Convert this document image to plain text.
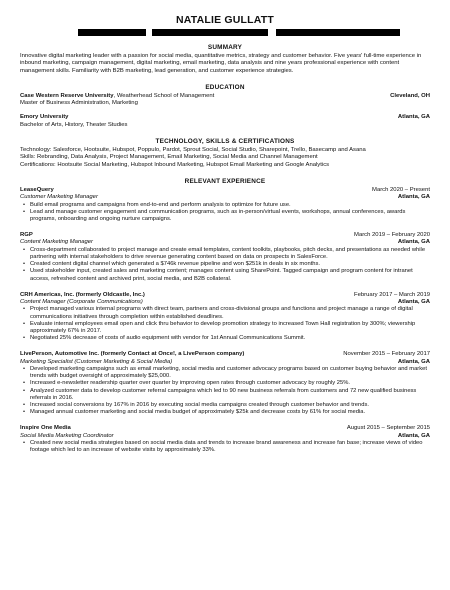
NATALIE GULLATT
SUMMARY
Innovative digital marketing leader with a passion for social media, quantitative metrics, strategy and customer behavior. Five years' full-time experience in inbound marketing, campaign management, digital marketing, email marketing, data analysis and nine years professional experience with content management skills. Familiarity with B2B marketing, lead generation, and customer experience strategies.
EDUCATION
Case Western Reserve University, Weatherhead School of Management	Cleveland, OH
Master of Business Administration, Marketing
Emory University	Atlanta, GA
Bachelor of Arts, History, Theater Studies
TECHNOLOGY, SKILLS & CERTIFICATIONS
Technology: Salesforce, Hootsuite, Hubspot, Poppulo, Pardot, Sprout Social, Social Studio, Sharepoint, Trello, Basecamp and Asana
Skills: Rebranding, Data Analysis, Project Management, Email Marketing, Social Media and Channel Management
Certifications: Hootsuite Social Marketing, Hubspot Inbound Marketing, Hubspot Email Marketing and Google Analytics
RELEVANT EXPERIENCE
LeaseQuery	March 2020 – Present
Customer Marketing Manager	Atlanta, GA
• Build email programs and campaigns from end-to-end and perform analysis to optimize for future use.
• Lead and manage customer engagement and communication programs, such as in-person/virtual events, workshops, annual conferences, awards programs, onboarding and ongoing nurture campaigns.
RGP	March 2019 – February 2020
Content Marketing Manager	Atlanta, GA
• Cross-department collaborated to project manage and create email templates, content toolkits, playbooks, pitch decks, and presentations as needed while partnering with internal stakeholders to drive revenue generating content based on data on prospects in SalesForce.
• Created content digital channel which generated a $746k revenue pipeline and won $251k in deals in six months.
• Used stakeholder input, created sales and marketing content; manages content using SharePoint. Tagged campaign and program content for intranet access, refreshed content and archived print, social media, and B2B collateral.
CRH Americas, Inc. (formerly Oldcastle, Inc.)	February 2017 – March 2019
Content Manager (Corporate Communications)	Atlanta, GA
• Project managed various internal programs with direct team, partners and cross-divisional groups and functions and project manage a range of digital communications initiatives through completion within established deadlines.
• Evaluate internal employees email open and click thru behavior to develop promotion strategy to increased Town Hall registration by 300%; viewership approximately 67% in 2017.
• Negotiated 25% decrease of costs of audio equipment with vendor for 1st Annual Communications Summit.
LivePerson, Automotive Inc. (formerly Contact at Once!, a LivePerson company)	November 2015 – February 2017
Marketing Specialist (Customer Marketing & Social Media)	Atlanta, GA
• Developed marketing campaigns such as email marketing, social media and customer advocacy programs based on customer buying behavior and market trends with budget oversight of approximately $25,000.
• Increased e-newsletter readership quarter over quarter by improving open rates through customer advocacy by roughly 25%.
• Analyzed customer data to develop customer referral campaigns which led to 90 new business referrals from customers and 72 new qualified business referrals in 2016.
• Increased social conversions by 167% in 2016 by executing social media campaigns created through customer behavior and trends.
• Managed annual customer marketing and social media budget of approximately $25k and decrease costs by 61% for social media.
Inspire One Media	August 2015 – September 2015
Social Media Marketing Coordinator	Atlanta, GA
• Created new social media strategies based on social media data and trends to increase brand awareness and increase fan base; increase views of video footage which led to an increase of website visits by approximately 33%.
